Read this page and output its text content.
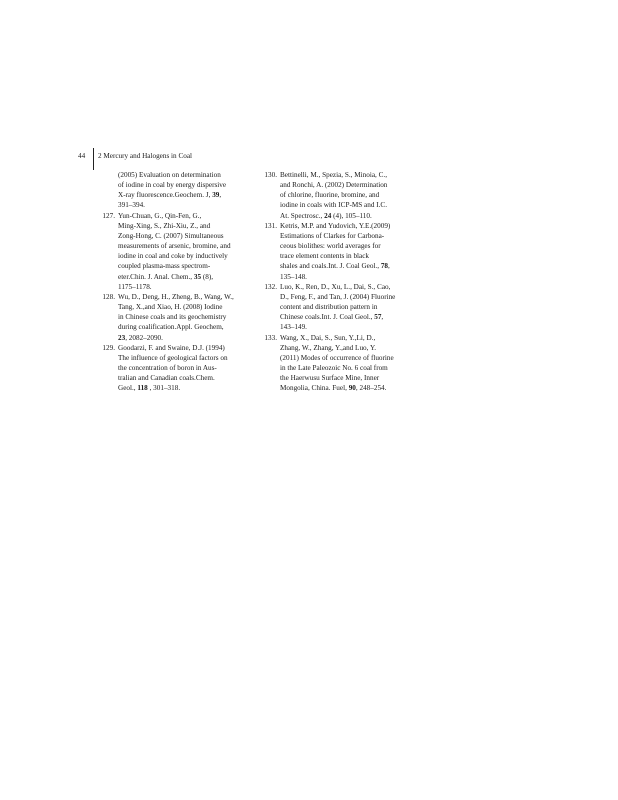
44	2 Mercury and Halogens in Coal
(2005) Evaluation on determination
of iodine in coal by energy dispersive
X-ray fluorescence.Geochem. J, 39,
391–394.
127. Yun-Chuan, G., Qin-Fen, G.,
Ming-Xing, S., Zhi-Xiu, Z., and
Zong-Hong, C. (2007) Simultaneous
measurements of arsenic, bromine, and
iodine in coal and coke by inductively
coupled plasma-mass spectrom-
eter.Chin. J. Anal. Chem., 35 (8),
1175–1178.
128. Wu, D., Deng, H., Zheng, B., Wang, W.,
Tang, X.,and Xiao, H. (2008) Iodine
in Chinese coals and its geochemistry
during coalification.Appl. Geochem,
23, 2082–2090.
129. Goodarzi, F. and Swaine, D.J. (1994)
The influence of geological factors on
the concentration of boron in Aus-
tralian and Canadian coals.Chem.
Geol., 118 , 301–318.
130. Bettinelli, M., Spezia, S., Minoia, C.,
and Ronchi, A. (2002) Determination
of chlorine, fluorine, bromine, and
iodine in coals with ICP-MS and I.C.
At. Spectrosc., 24 (4), 105–110.
131. Ketris, M.P. and Yudovich, Y.E.(2009)
Estimations of Clarkes for Carbona-
ceous biolithes: world averages for
trace element contents in black
shales and coals.Int. J. Coal Geol., 78,
135–148.
132. Luo, K., Ren, D., Xu, L., Dai, S., Cao,
D., Feng, F., and Tan, J. (2004) Fluorine
content and distribution pattern in
Chinese coals.Int. J. Coal Geol., 57,
143–149.
133. Wang, X., Dai, S., Sun, Y.,Li, D.,
Zhang, W., Zhang, Y.,and Luo, Y.
(2011) Modes of occurrence of fluorine
in the Late Paleozoic No. 6 coal from
the Haerwusu Surface Mine, Inner
Mongolia, China. Fuel, 90, 248–254.
